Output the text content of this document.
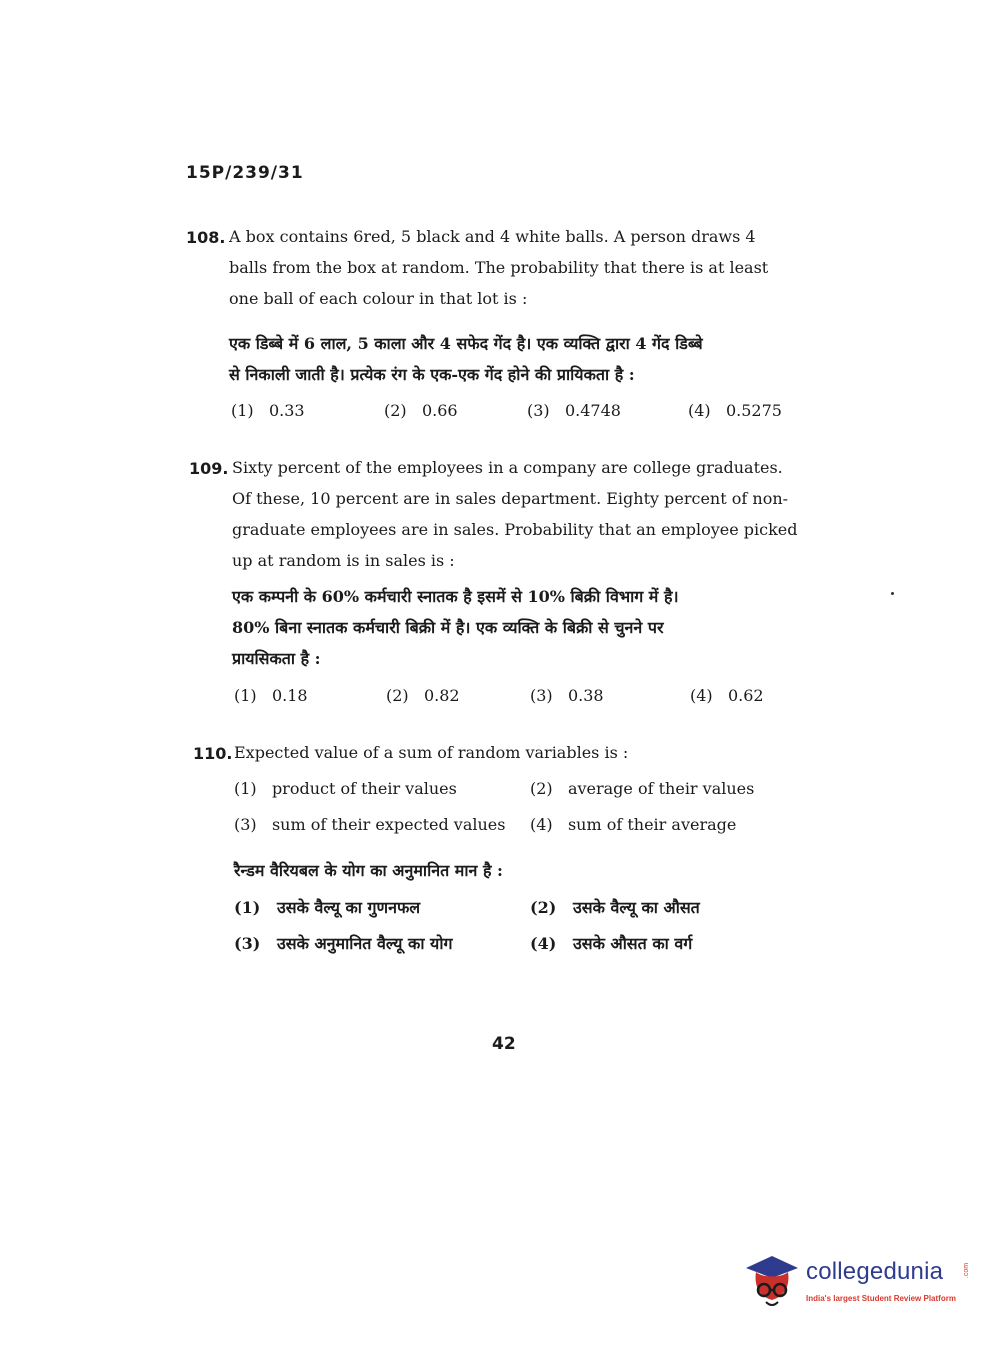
15P/239/31
108. A box contains 6red, 5 black and 4 white balls. A person draws 4
balls from the box at random. The probability that there is at least
one ball of each colour in that lot is :
एक डिब्बे में 6 लाल, 5 काला और 4 सफेद गेंद है। एक व्यक्ति द्वारा 4 गेंद डिब्बे
से निकाली जाती है। प्रत्येक रंग के एक-एक गेंद होने की प्रायिकता है :
(1) 0.33	(2) 0.66	(3) 0.4748	(4) 0.5275
109. Sixty percent of the employees in a company are college graduates.
Of these, 10 percent are in sales department. Eighty percent of non-
graduate employees are in sales. Probability that an employee picked
up at random is in sales is :
एक कम्पनी के 60% कर्मचारी स्नातक है इसमें से 10% बिक्री विभाग में है।
80% बिना स्नातक कर्मचारी बिक्री में है। एक व्यक्ति के बिक्री से चुनने पर
प्रायसिकता है :
(1) 0.18	(2) 0.82	(3) 0.38	(4) 0.62
110. Expected value of a sum of random variables is :
(1) product of their values	(2) average of their values
(3) sum of their expected values (4) sum of their average
रैन्डम वैरियबल के योग का अनुमानित मान है :
(1) उसके वैल्यू का गुणनफल	(2) उसके वैल्यू का औसत
(3) उसके अनुमानित वैल्यू का योग	(4) उसके औसत का वर्ग
42
collegedunia	.com
India's largest Student Review Platform
